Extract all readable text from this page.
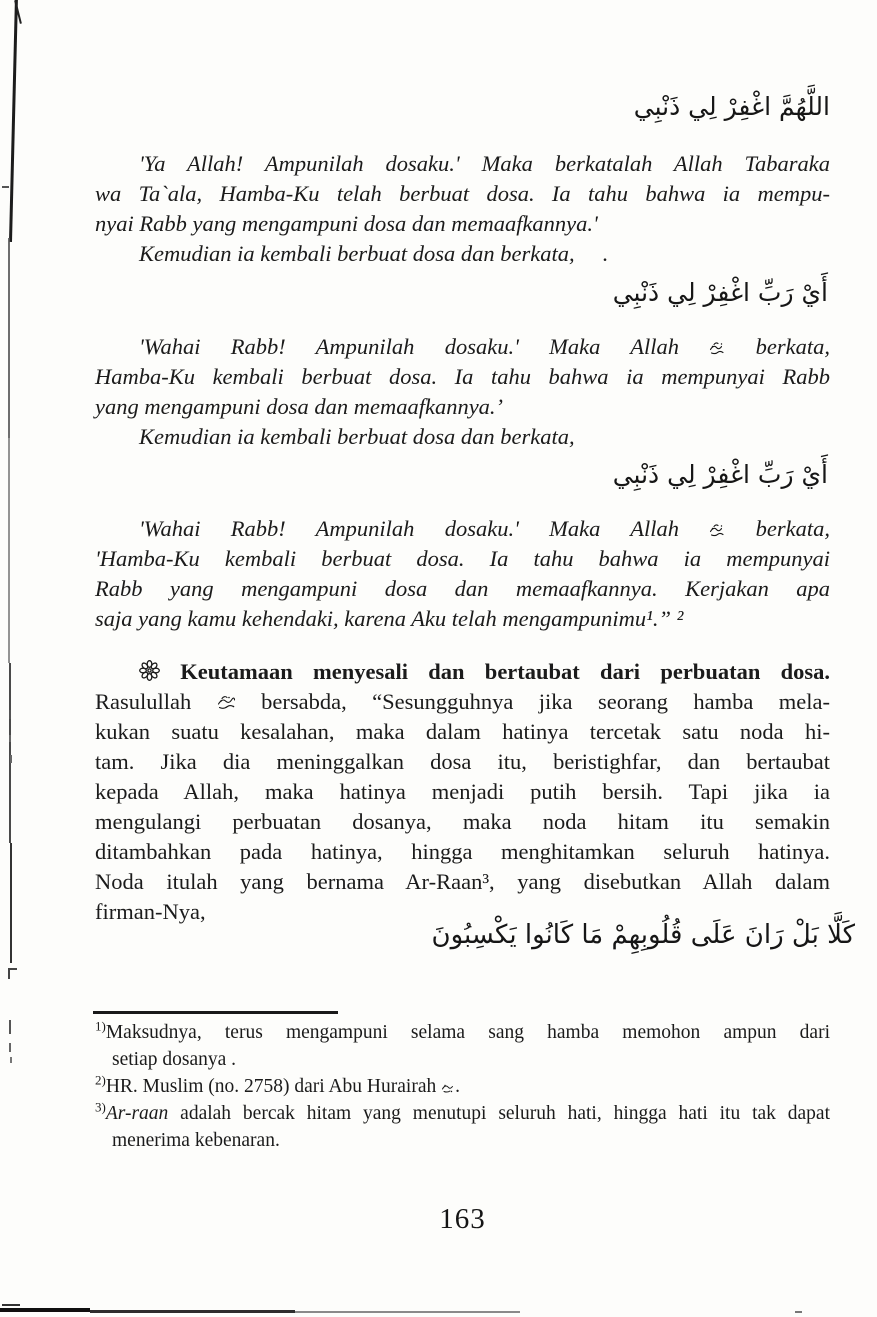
اللَّهُمَّ اغْفِرْ لِي ذَنْبِي
أَيْ رَبِّ اغْفِرْ لِي ذَنْبِي
أَيْ رَبِّ اغْفِرْ لِي ذَنْبِي
كَلَّا بَلْ رَانَ عَلَى قُلُوبِهِمْ مَا كَانُوا يَكْسِبُونَ
'Ya Allah! Ampunilah dosaku.' Maka berkatalah Allah Tabaraka
wa Ta`ala, Hamba-Ku telah berbuat dosa. Ia tahu bahwa ia mempu-
nyai Rabb yang mengampuni dosa dan memaafkannya.'
Kemudian ia kembali berbuat dosa dan berkata,     .
'Wahai Rabb! Ampunilah dosaku.' Maka Allah  berkata,
Hamba-Ku kembali berbuat dosa. Ia tahu bahwa ia mempunyai Rabb
yang mengampuni dosa dan memaafkannya.’
Kemudian ia kembali berbuat dosa dan berkata,
'Wahai Rabb! Ampunilah dosaku.' Maka Allah  berkata,
'Hamba-Ku kembali berbuat dosa. Ia tahu bahwa ia mempunyai
Rabb yang mengampuni dosa dan memaafkannya. Kerjakan apa
saja yang kamu kehendaki, karena Aku telah mengampunimu¹.” ²
Keutamaan menyesali dan bertaubat dari perbuatan dosa.
Rasulullah  bersabda, “Sesungguhnya jika seorang hamba mela-
kukan suatu kesalahan, maka dalam hatinya tercetak satu noda hi-
tam. Jika dia meninggalkan dosa itu, beristighfar, dan bertaubat
kepada Allah, maka hatinya menjadi putih bersih. Tapi jika ia
mengulangi perbuatan dosanya, maka noda hitam itu semakin
ditambahkan pada hatinya, hingga menghitamkan seluruh hatinya.
Noda itulah yang bernama Ar-Raan³, yang disebutkan Allah dalam
firman-Nya,
$^{1)}$Maksudnya, terus mengampuni selama sang hamba memohon ampun dari
setiap dosanya .
$^{2)}$HR. Muslim (no. 2758) dari Abu Hurairah .
$^{3)}$Ar-raan adalah bercak hitam yang menutupi seluruh hati, hingga hati itu tak dapat
menerima kebenaran.
163
